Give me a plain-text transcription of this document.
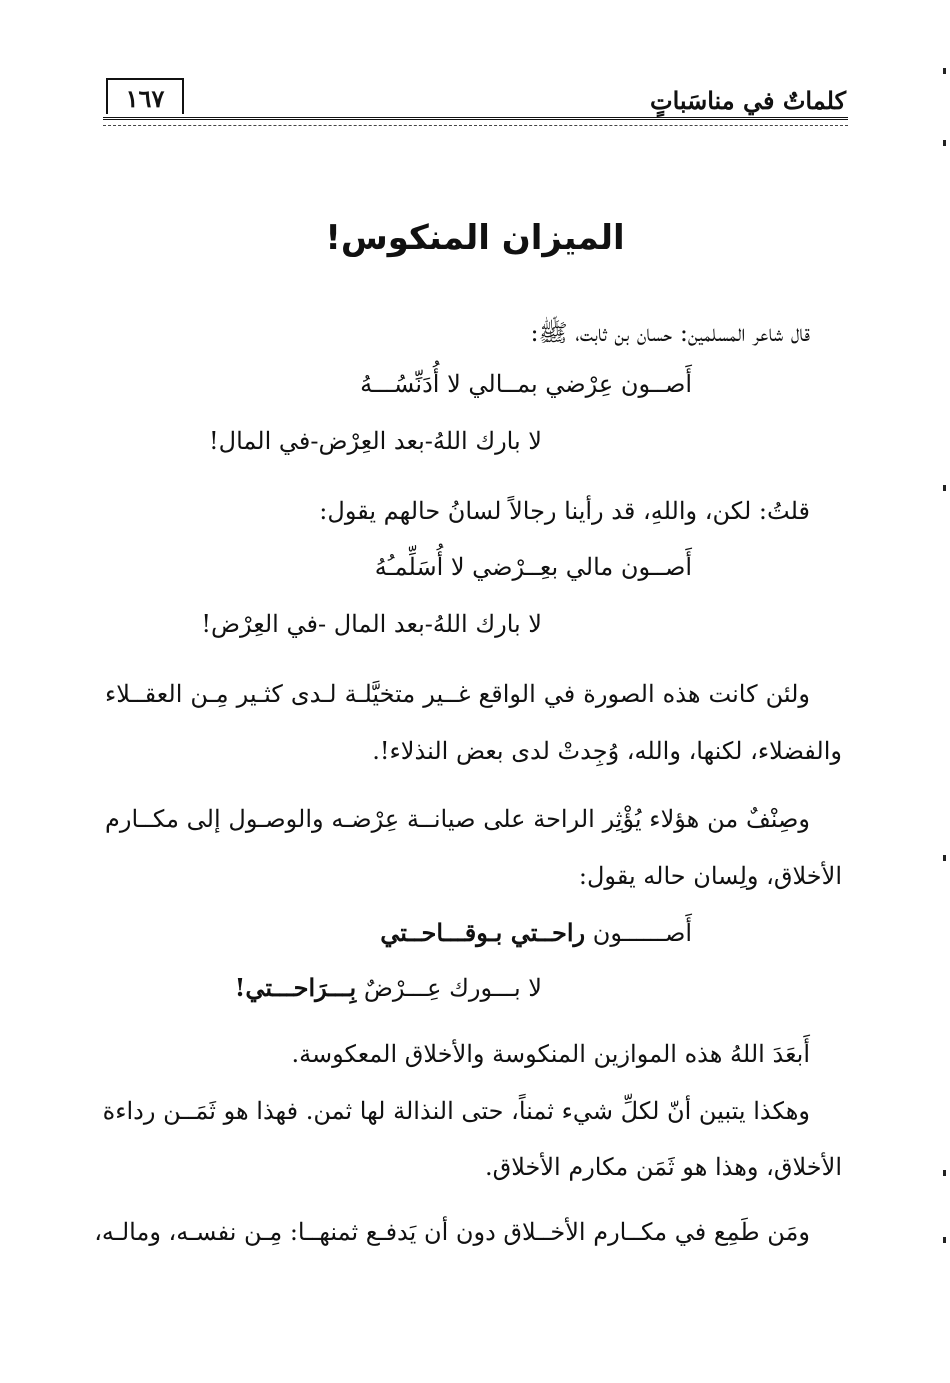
كلماتٌ في مناسَباتٍ
١٦٧
الميزان المنكوس!
قال شاعر المسلمين: حسان بن ثابت، ﷺ:
أَصــون عِرْضي بمــالي لا أُدَنِّسُـــهُ
لا بارك اللهُ-بعد العِرْض-في المال!
قلتُ: لكن، واللهِ، قد رأينا رجالاً لسانُ حالهم يقول:
أَصــون مالي بعِــرْضي لا أُسَلِّمـُهُ
لا بارك اللهُ-بعد المال -في العِرْض!
ولئن كانت هذه الصورة في الواقع غــير متخيَّلـة لـدى كثـير مِـن العقــلاء
والفضلاء، لكنها، والله، وُجِدتْ لدى بعض النذلاء!.
وصِنْفٌ من هؤلاء يُؤْثِر الراحة على صيانــة عِرْضـه والوصـول إلى مكــارم
الأخلاق، ولِسان حاله يقول:
أَصــــــون راحــتي بـوقـــاحــتي
لا بـــورك عِـــرْضٌ بِـــرَاحـــتي!
أَبعَدَ اللهُ هذه الموازين المنكوسة والأخلاق المعكوسة.
وهكذا يتبين أنّ لكلِّ شيء ثمناً، حتى النذالة لها ثمن. فهذا هو ثَمَــن رداءة
الأخلاق، وهذا هو ثَمَن مكارم الأخلاق.
ومَن طَمِع في مكــارم الأخــلاق دون أن يَدفـع ثمنهــا: مِـن نفسـه، ومالـه،
